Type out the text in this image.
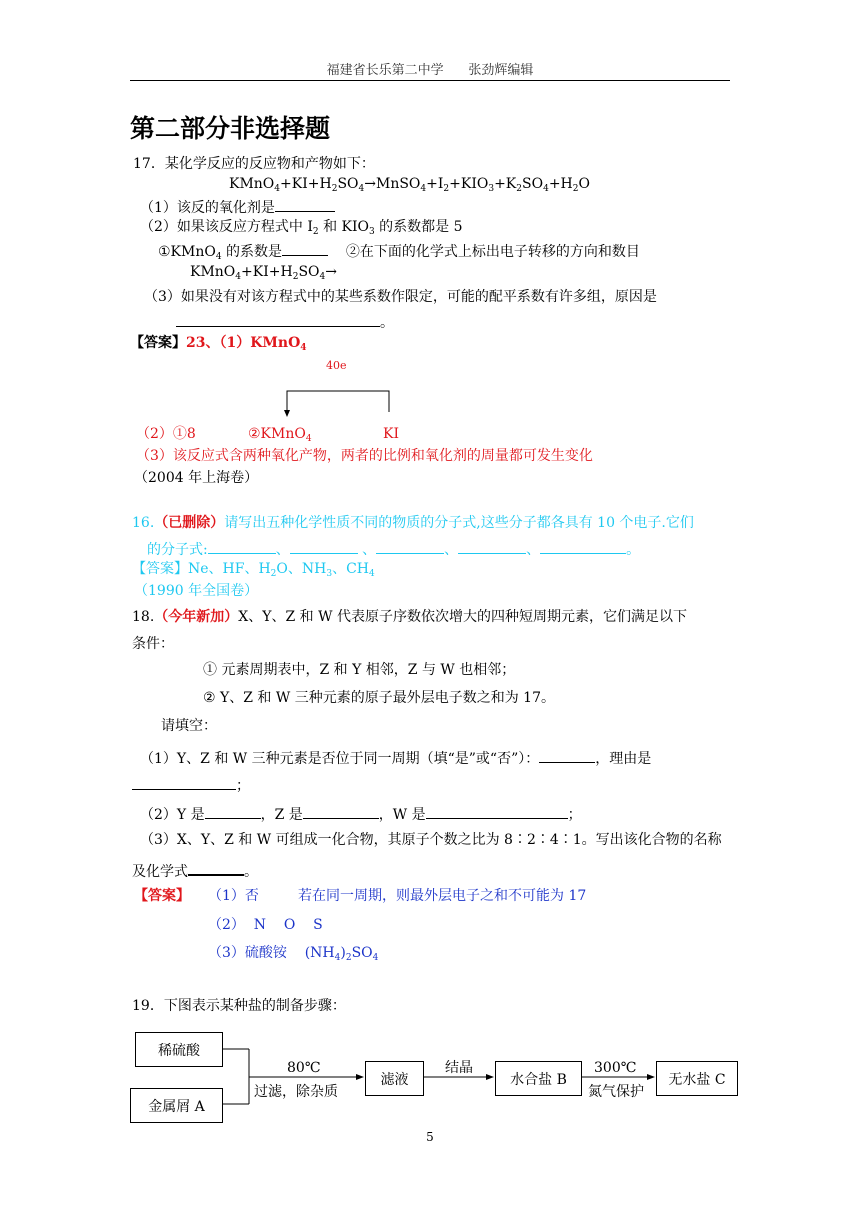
福建省长乐第二中学 张劲辉编辑
第二部分非选择题
17．某化学反应的反应物和产物如下：
$KMnO_4+KI+H_2SO_4\to MnSO_4+I_2+KIO_3+K_2SO_4+H_2O$
（1）该反的氧化剂是
（2）如果该反应方程式中 $I_2$ 和 $KIO_3$ 的系数都是 5
①KMnO$_4$ 的系数是	②在下面的化学式上标出电子转移的方向和数目
$KMnO_4+KI+H_2SO_4\to$
（3）如果没有对该方程式中的某些系数作限定，可能的配平系数有许多组，原因是
。
【答案】23、（1）KMnO$_4$
40e
（2）①8	②KMnO$_4$	KI
（3）该反应式含两种氧化产物，两者的比例和氧化剂的周量都可发生变化
（2004 年上海卷）
16.（已删除）请写出五种化学性质不同的物质的分子式,这些分子都各具有 10 个电子.它们
的分子式:	、	、	、	、	。
【答案】Ne、HF、$H_2O$、$NH_3$、$CH_4$
（1990 年全国卷）
18.（今年新加）X、Y、Z 和 W 代表原子序数依次增大的四种短周期元素，它们满足以下
条件：
① 元素周期表中，Z 和 Y 相邻，Z 与 W 也相邻；
② Y、Z 和 W 三种元素的原子最外层电子数之和为 17。
请填空：
（1）Y、Z 和 W 三种元素是否位于同一周期（填“是”或“否”）：	，理由是
；
（2）Y 是	，Z 是	，W 是	；
（3）X、Y、Z 和 W 可组成一化合物，其原子个数之比为 8∶2∶4∶1。写出该化合物的名称
及化学式	。
【答案】 （1）否	若在同一周期，则最外层电子之和不可能为 17
（2）  N    O    S
（3）硫酸铵    $(NH_4)_2SO_4$
19．下图表示某种盐的制备步骤：
稀硫酸
金属屑 A
80℃
过滤，除杂质
滤液
结晶
水合盐 B
300℃
氮气保护
无水盐 C
5
